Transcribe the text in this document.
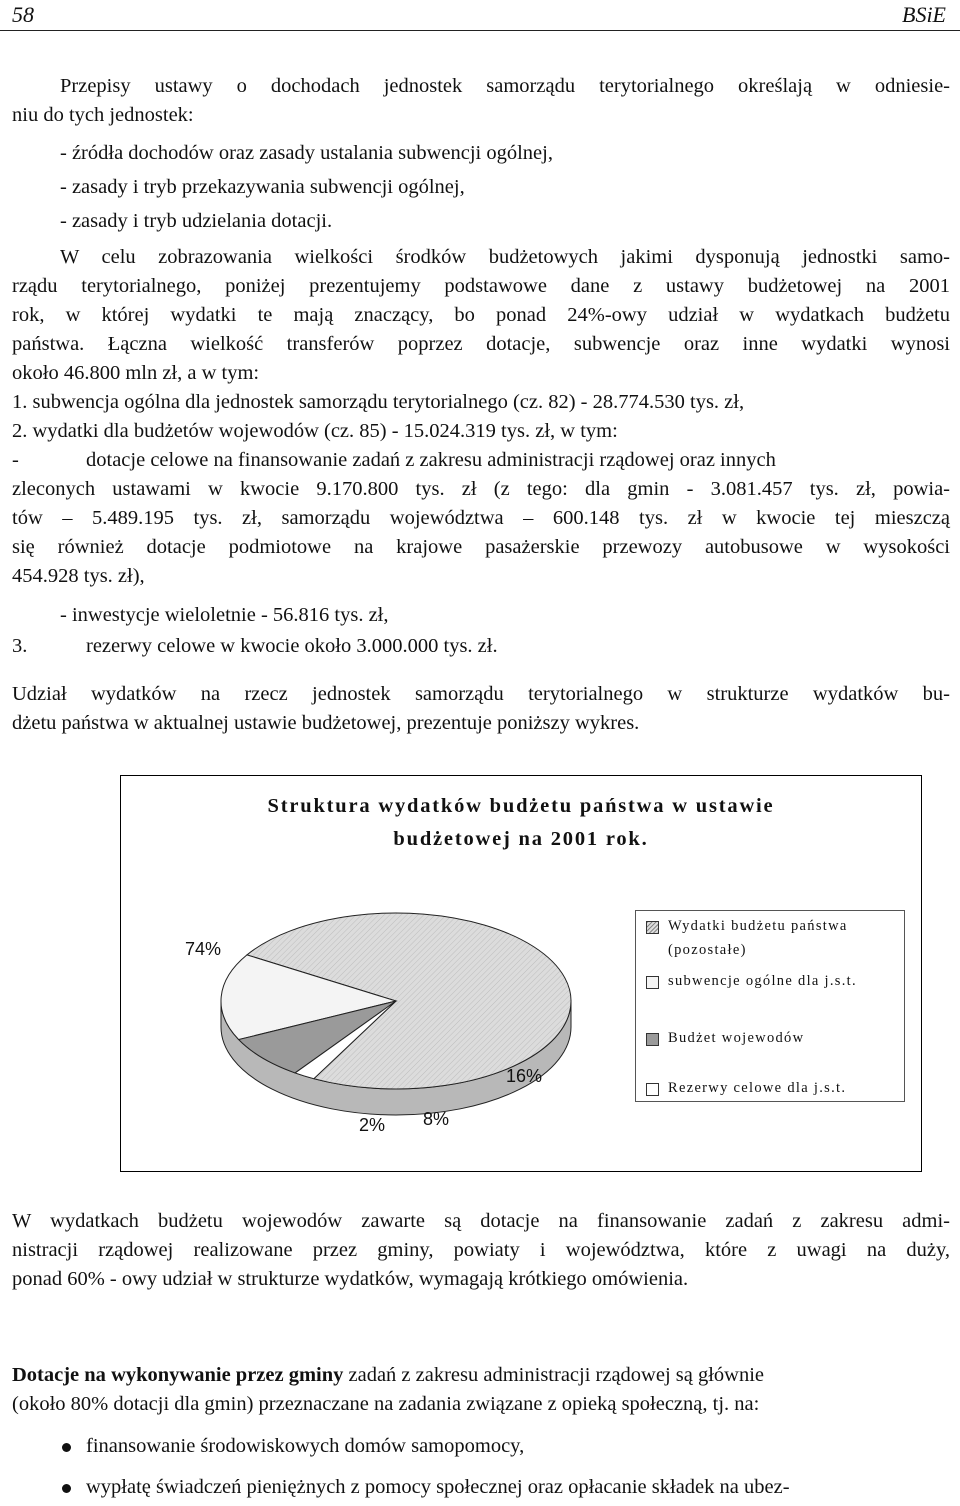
58	BSiE
Przepisy ustawy o dochodach jednostek samorządu terytorialnego określają w odniesie-
niu do tych jednostek:
- źródła dochodów oraz zasady ustalania subwencji ogólnej,
- zasady i tryb przekazywania subwencji ogólnej,
- zasady i tryb udzielania dotacji.
W celu zobrazowania wielkości środków budżetowych jakimi dysponują jednostki samo-
rządu terytorialnego, poniżej prezentujemy podstawowe dane z ustawy budżetowej na 2001
rok, w której wydatki te mają znaczący, bo ponad 24%-owy udział w wydatkach budżetu
państwa. Łączna wielkość transferów poprzez dotacje, subwencje oraz inne wydatki wynosi
około 46.800 mln zł, a w tym:
1. subwencja ogólna dla jednostek samorządu terytorialnego (cz. 82) - 28.774.530 tys. zł,
2. wydatki dla budżetów wojewodów (cz. 85) - 15.024.319 tys. zł, w tym:
-	dotacje celowe na finansowanie zadań z zakresu administracji rządowej oraz innych
zleconych ustawami w kwocie 9.170.800 tys. zł (z tego: dla gmin - 3.081.457 tys. zł, powia-
tów – 5.489.195 tys. zł, samorządu województwa – 600.148 tys. zł w kwocie tej mieszczą
się również dotacje podmiotowe na krajowe pasażerskie przewozy autobusowe w wysokości
454.928 tys. zł),
- inwestycje wieloletnie - 56.816 tys. zł,
3.	rezerwy celowe w kwocie około 3.000.000 tys. zł.
Udział wydatków na rzecz jednostek samorządu terytorialnego w strukturze wydatków bu-
dżetu państwa w aktualnej ustawie budżetowej, prezentuje poniższy wykres.
Struktura wydatków budżetu państwa w ustawie
budżetowej na 2001 rok.
74%
16%
8%
2%
Wydatki budżetu państwa
(pozostałe)
subwencje ogólne dla j.s.t.
Budżet wojewodów
Rezerwy celowe dla j.s.t.
W wydatkach budżetu wojewodów zawarte są dotacje na finansowanie zadań z zakresu admi-
nistracji rządowej realizowane przez gminy, powiaty i województwa, które z uwagi na duży,
ponad 60% - owy udział w strukturze wydatków, wymagają krótkiego omówienia.
Dotacje na wykonywanie przez gminy zadań z zakresu administracji rządowej są głównie
(około 80% dotacji dla gmin) przeznaczane na zadania związane z opieką społeczną, tj. na:
finansowanie środowiskowych domów samopomocy,
wypłatę świadczeń pieniężnych z pomocy społecznej oraz opłacanie składek na ubez-
